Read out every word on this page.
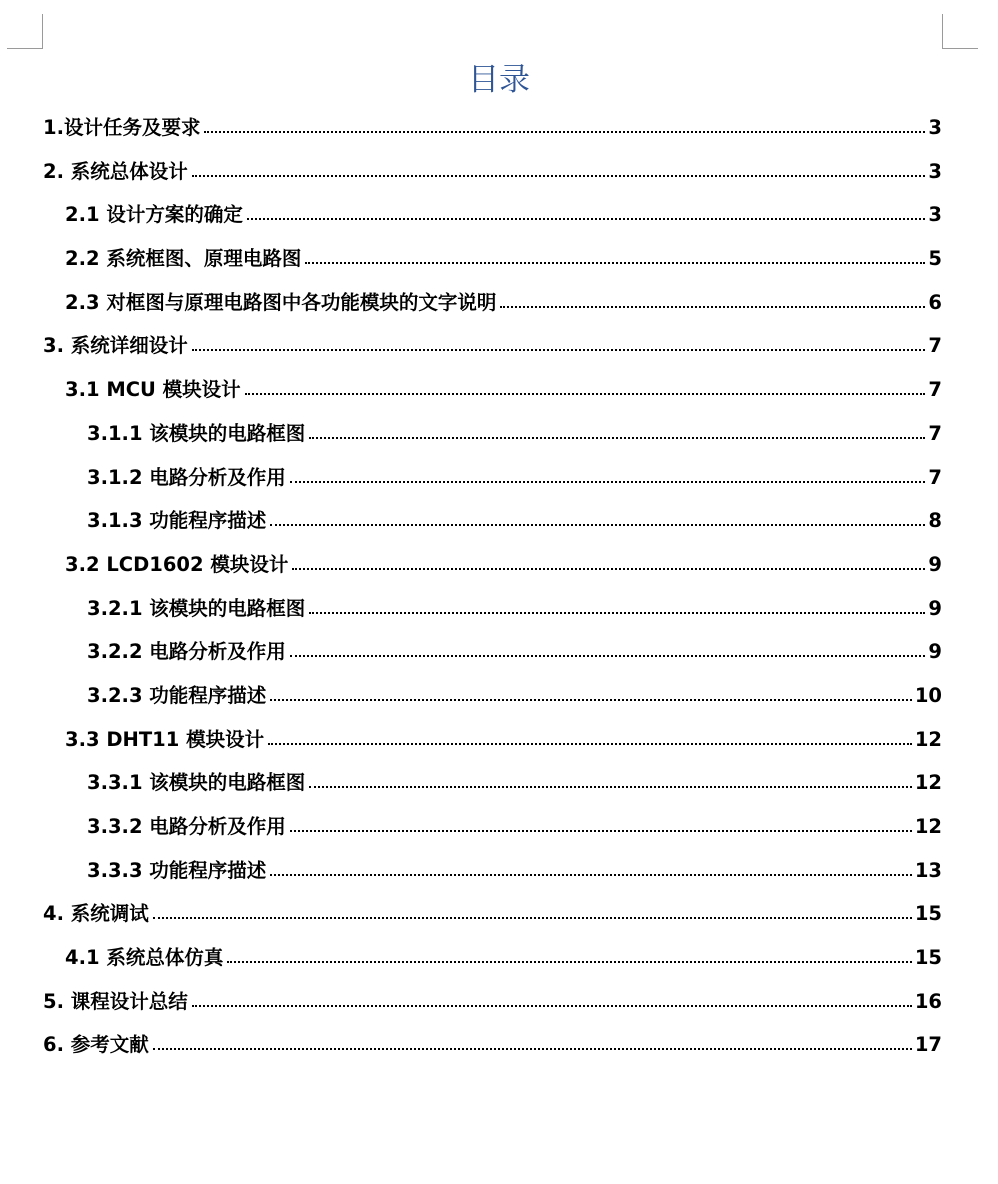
目录
1.设计任务及要求	3
2. 系统总体设计	3
2.1 设计方案的确定	3
2.2 系统框图、原理电路图	5
2.3 对框图与原理电路图中各功能模块的文字说明	6
3. 系统详细设计	7
3.1 MCU 模块设计	7
3.1.1 该模块的电路框图	7
3.1.2 电路分析及作用	7
3.1.3 功能程序描述	8
3.2 LCD1602 模块设计	9
3.2.1 该模块的电路框图	9
3.2.2 电路分析及作用	9
3.2.3 功能程序描述	10
3.3 DHT11 模块设计	12
3.3.1 该模块的电路框图	12
3.3.2 电路分析及作用	12
3.3.3 功能程序描述	13
4. 系统调试	15
4.1 系统总体仿真	15
5. 课程设计总结	16
6. 参考文献	17
